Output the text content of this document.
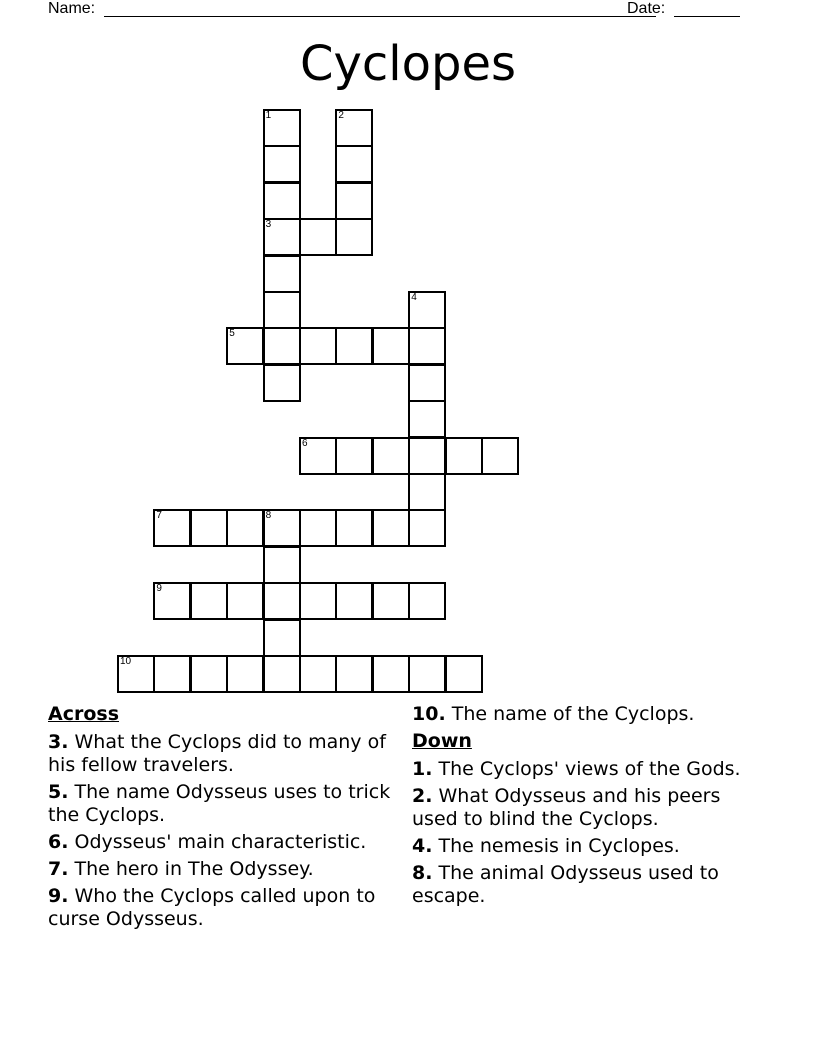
Name:	Date:
Cyclopes
1
3
2
4
5
6
7	8
9
10
Across
3. What the Cyclops did to many of his fellow travelers.
5. The name Odysseus uses to trick the Cyclops.
6. Odysseus' main characteristic.
7. The hero in The Odyssey.
9. Who the Cyclops called upon to curse Odysseus.
10. The name of the Cyclops.
Down
1. The Cyclops' views of the Gods.
2. What Odysseus and his peers used to blind the Cyclops.
4. The nemesis in Cyclopes.
8. The animal Odysseus used to escape.
